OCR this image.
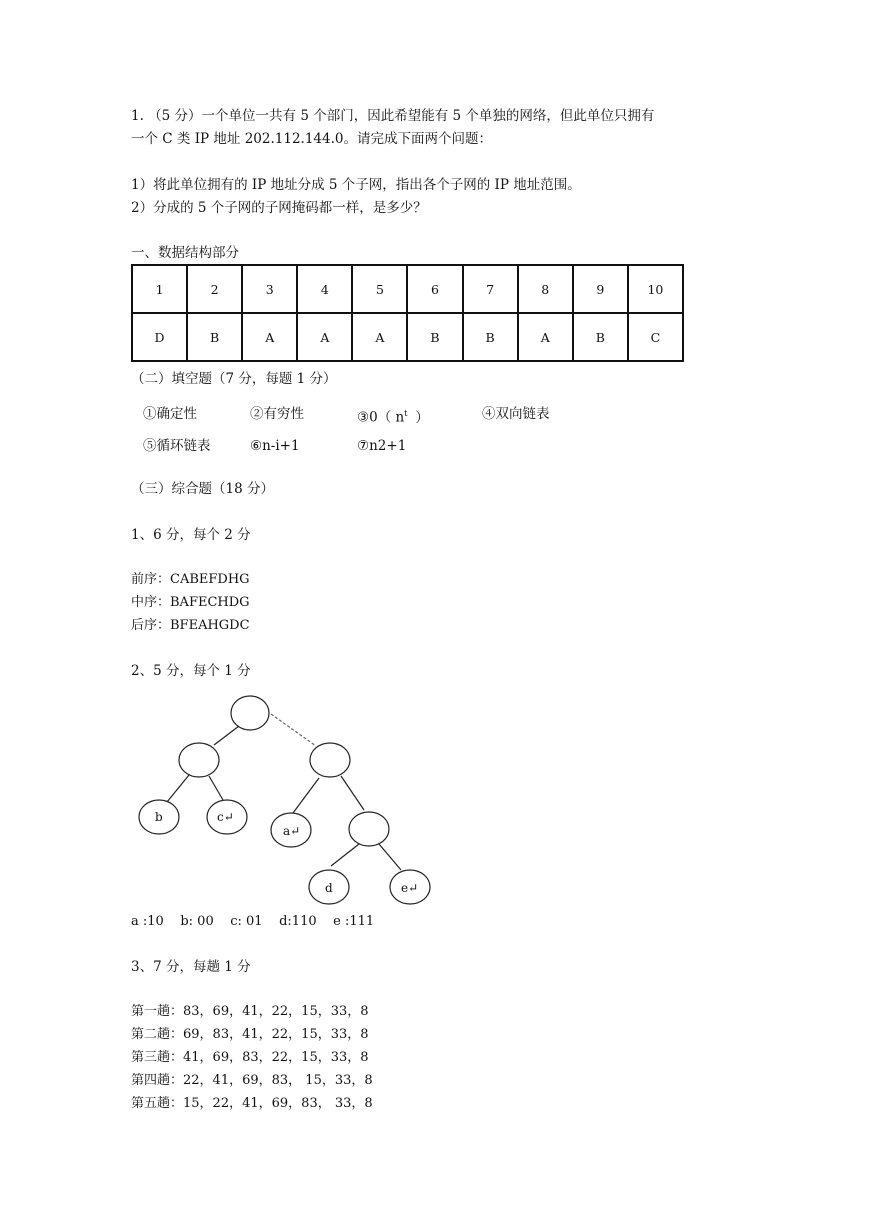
1. （5 分）一个单位一共有 5 个部门，因此希望能有 5 个单独的网络，但此单位只拥有
一个 C 类 IP 地址 202.112.144.0。请完成下面两个问题：
1）将此单位拥有的 IP 地址分成 5 个子网，指出各个子网的 IP 地址范围。
2）分成的 5 个子网的子网掩码都一样，是多少？
一、数据结构部分
1	2	3	4	5	6	7	8	9	10
D	B	A	A	A	B	B	A	B	C
（二）填空题（7 分，每题 1 分）
①确定性	②有穷性	③0（ $n^t$ ）	④双向链表
⑤循环链表	⑥n-i+1	⑦n2+1
（三）综合题（18 分）
1、6 分，每个 2 分
前序：CABEFDHG
中序：BAFECHDG
后序：BFEAHGDC
2、5 分，每个 1 分
b	c↵
a↵
d	e↵
a :10    b: 00    c: 01    d:110    e :111
3、7 分，每趟 1 分
第一趟：83，69，41，22，15，33，8
第二趟：69，83，41，22，15，33，8
第三趟：41，69，83，22，15，33，8
第四趟：22，41，69，83， 15，33，8
第五趟：15，22，41，69，83， 33，8
